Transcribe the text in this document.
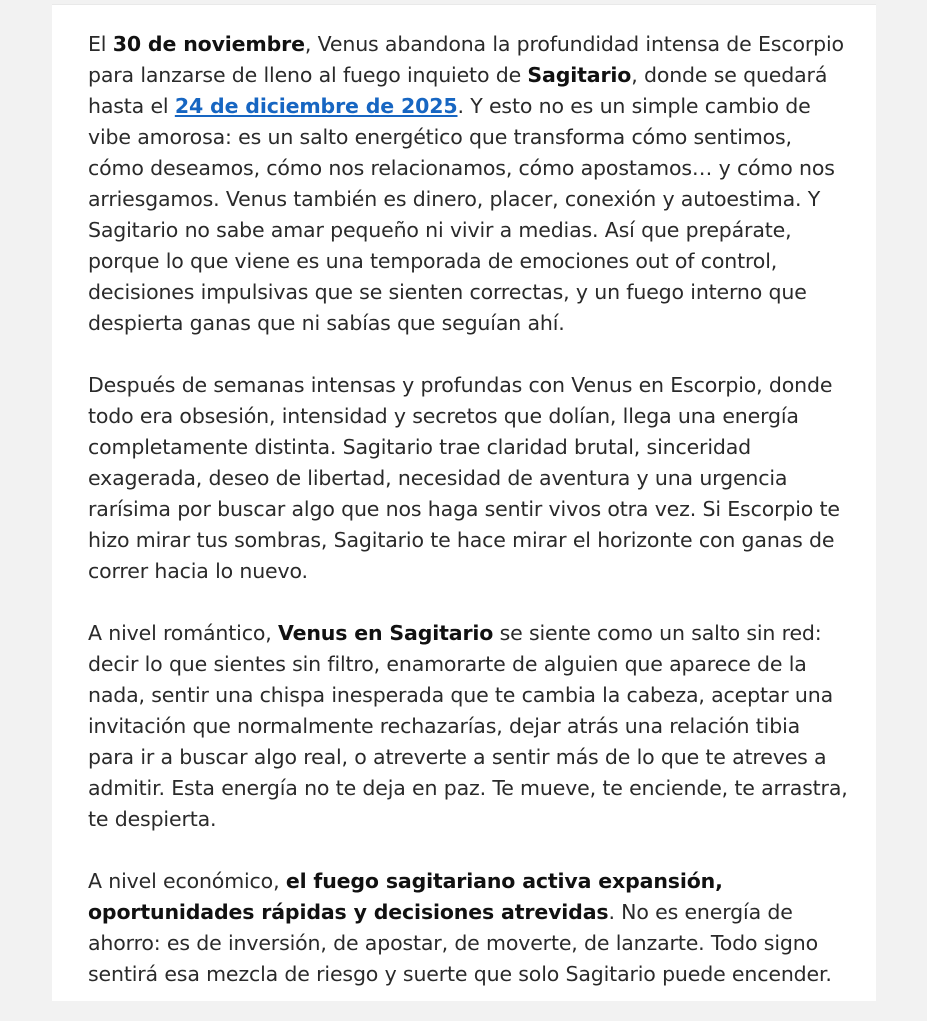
El 30 de noviembre, Venus abandona la profundidad intensa de Escorpio para lanzarse de lleno al fuego inquieto de Sagitario, donde se quedará hasta el 24 de diciembre de 2025. Y esto no es un simple cambio de vibe amorosa: es un salto energético que transforma cómo sentimos, cómo deseamos, cómo nos relacionamos, cómo apostamos… y cómo nos arriesgamos. Venus también es dinero, placer, conexión y autoestima. Y Sagitario no sabe amar pequeño ni vivir a medias. Así que prepárate, porque lo que viene es una temporada de emociones out of control, decisiones impulsivas que se sienten correctas, y un fuego interno que despierta ganas que ni sabías que seguían ahí.

Después de semanas intensas y profundas con Venus en Escorpio, donde todo era obsesión, intensidad y secretos que dolían, llega una energía completamente distinta. Sagitario trae claridad brutal, sinceridad exagerada, deseo de libertad, necesidad de aventura y una urgencia rarísima por buscar algo que nos haga sentir vivos otra vez. Si Escorpio te hizo mirar tus sombras, Sagitario te hace mirar el horizonte con ganas de correr hacia lo nuevo.

A nivel romántico, Venus en Sagitario se siente como un salto sin red: decir lo que sientes sin filtro, enamorarte de alguien que aparece de la nada, sentir una chispa inesperada que te cambia la cabeza, aceptar una invitación que normalmente rechazarías, dejar atrás una relación tibia para ir a buscar algo real, o atreverte a sentir más de lo que te atreves a admitir. Esta energía no te deja en paz. Te mueve, te enciende, te arrastra, te despierta.

A nivel económico, el fuego sagitariano activa expansión, oportunidades rápidas y decisiones atrevidas. No es energía de ahorro: es de inversión, de apostar, de moverte, de lanzarte. Todo signo sentirá esa mezcla de riesgo y suerte que solo Sagitario puede encender.
